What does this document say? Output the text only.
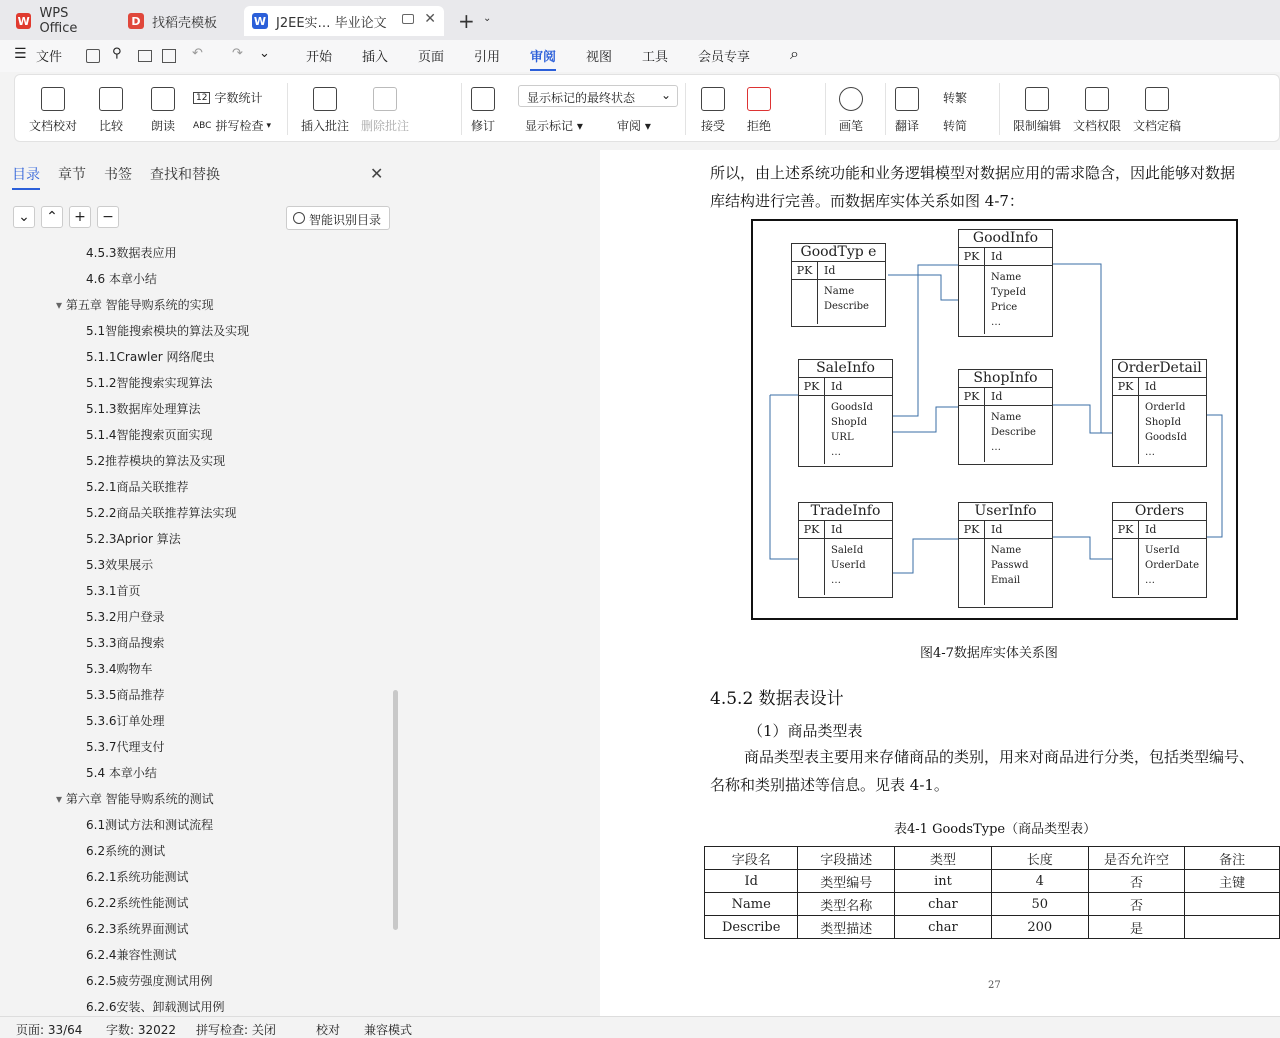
W WPS Office	D 找稻壳模板	W J2EE实… 毕业论文	✕ + ⌄
☰ 文件	⚲	↶ ↷ ⌄	开始 插入 页面 引用 审阅 视图 工具 会员专享 ⌕
文档校对 比较 朗读
12 字数统计
ABC 拼写检查 ▾ 插入批注 删除批注	修订
显示标记的最终状态 ⌄
显示标记 ▾	审阅 ▾	接受 拒绝	画笔	翻译
转繁
转简	限制编辑 文档权限 文档定稿
目录 章节 书签 查找和替换	✕
⌄	⌃	+	−	智能识别目录
4.5.3数据表应用
4.6 本章小结
▾ 第五章 智能导购系统的实现
5.1智能搜索模块的算法及实现
5.1.1Crawler 网络爬虫
5.1.2智能搜索实现算法
5.1.3数据库处理算法
5.1.4智能搜索页面实现
5.2推荐模块的算法及实现
5.2.1商品关联推荐
5.2.2商品关联推荐算法实现
5.2.3Aprior 算法
5.3效果展示
5.3.1首页
5.3.2用户登录
5.3.3商品搜索
5.3.4购物车
5.3.5商品推荐
5.3.6订单处理
5.3.7代理支付
5.4 本章小结
▾ 第六章 智能导购系统的测试
6.1测试方法和测试流程
6.2系统的测试
6.2.1系统功能测试
6.2.2系统性能测试
6.2.3系统界面测试
6.2.4兼容性测试
6.2.5疲劳强度测试用例
6.2.6安装、卸载测试用例
所以，由上述系统功能和业务逻辑模型对数据应用的需求隐含，因此能够对数据
库结构进行完善。而数据库实体关系如图 4-7：
GoodTyp e
PK	Id
Name
Describe
GoodInfo
PK	Id
Name
TypeId
Price
…
SaleInfo
PK	Id
GoodsId
ShopId
URL
…
ShopInfo
PK	Id
Name
Describe
…
OrderDetail
PK	Id
OrderId
ShopId
GoodsId
…
TradeInfo
PK	Id
SaleId
UserId
…
UserInfo
PK	Id
Name
Passwd
Email
Orders
PK	Id
UserId
OrderDate
…
图4-7数据库实体关系图
4.5.2 数据表设计
（1）商品类型表
商品类型表主要用来存储商品的类别，用来对商品进行分类，包括类型编号、
名称和类别描述等信息。见表 4-1。
表4-1 GoodsType（商品类型表）
字段名	字段描述	类型	长度	是否允许空	备注
Id	类型编号	int	4	否	主键
Name	类型名称	char	50	否	
Describe	类型描述	char	200	是	
27
页面: 33/64 字数: 32022 拼写检查: 关闭	校对 兼容模式
